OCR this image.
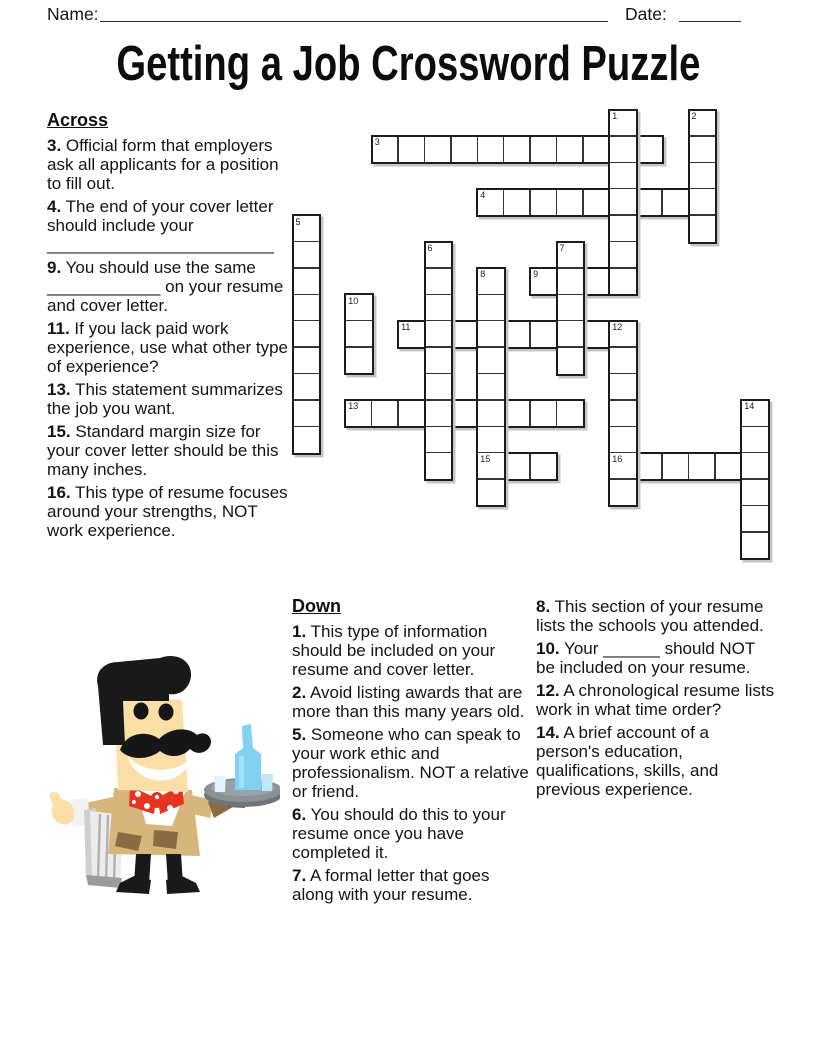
Name:	Date:
Getting a Job Crossword Puzzle
3
4
9
11
13
15	16
1	2
5
6	7
8
10
12
14
Across

3. Official form that employers ask all applicants for a position to fill out.

4. The end of your cover letter should include your ________________________

9. You should use the same ____________ on your resume and cover letter.

11. If you lack paid work experience, use what other type of experience?

13. This statement summarizes the job you want.

15. Standard margin size for your cover letter should be this many inches.

16. This type of resume focuses around your strengths, NOT work experience.

Down

1. This type of information should be included on your resume and cover letter.

2. Avoid listing awards that are more than this many years old.

5. Someone who can speak to your work ethic and professionalism. NOT a relative or friend.

6. You should do this to your resume once you have completed it.

7. A formal letter that goes along with your resume.

8. This section of your resume lists the schools you attended.

10. Your ______ should NOT be included on your resume.

12. A chronological resume lists work in what time order?

14. A brief account of a person's education, qualifications, skills, and previous experience.
